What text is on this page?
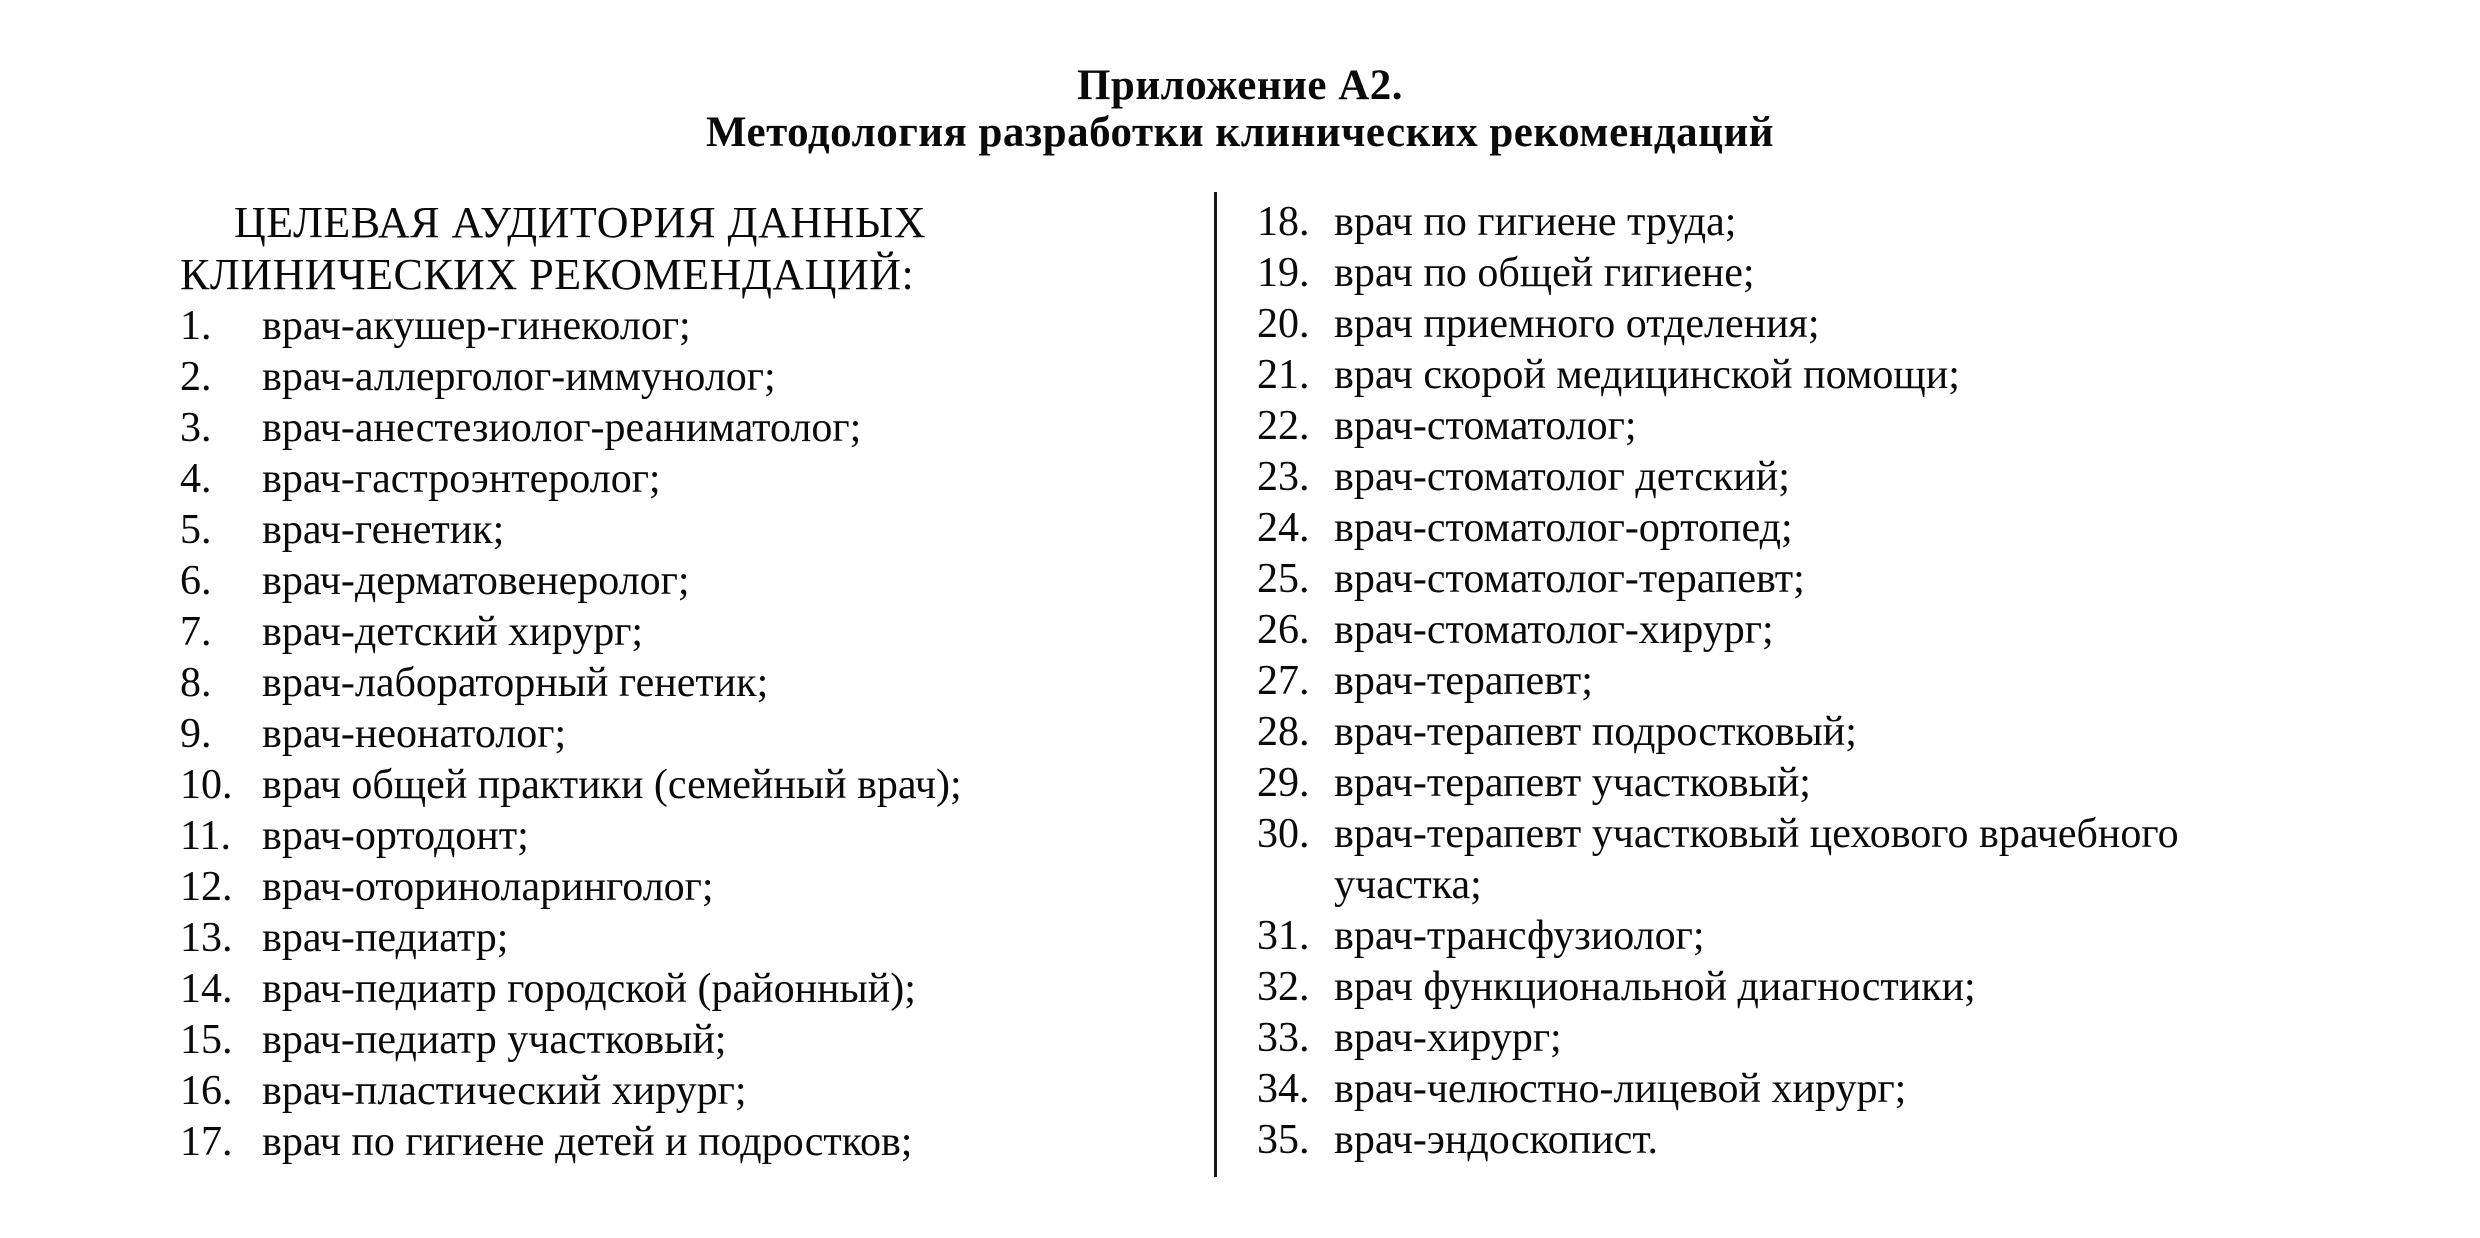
Приложение А2.
Методология разработки клинических рекомендаций
ЦЕЛЕВАЯ АУДИТОРИЯ ДАННЫХ
КЛИНИЧЕСКИХ РЕКОМЕНДАЦИЙ:
1.	врач-акушер-гинеколог;
2.	врач-аллерголог-иммунолог;
3.	врач-анестезиолог-реаниматолог;
4.	врач-гастроэнтеролог;
5.	врач-генетик;
6.	врач-дерматовенеролог;
7.	врач-детский хирург;
8.	врач-лабораторный генетик;
9.	врач-неонатолог;
10. врач общей практики (семейный врач);
11. врач-ортодонт;
12. врач-оториноларинголог;
13. врач-педиатр;
14. врач-педиатр городской (районный);
15. врач-педиатр участковый;
16. врач-пластический хирург;
17. врач по гигиене детей и подростков;
18. врач по гигиене труда;
19. врач по общей гигиене;
20. врач приемного отделения;
21. врач скорой медицинской помощи;
22. врач-стоматолог;
23. врач-стоматолог детский;
24. врач-стоматолог-ортопед;
25. врач-стоматолог-терапевт;
26. врач-стоматолог-хирург;
27. врач-терапевт;
28. врач-терапевт подростковый;
29. врач-терапевт участковый;
30. врач-терапевт участковый цехового врачебного участка;
31. врач-трансфузиолог;
32. врач функциональной диагностики;
33. врач-хирург;
34. врач-челюстно-лицевой хирург;
35. врач-эндоскопист.
